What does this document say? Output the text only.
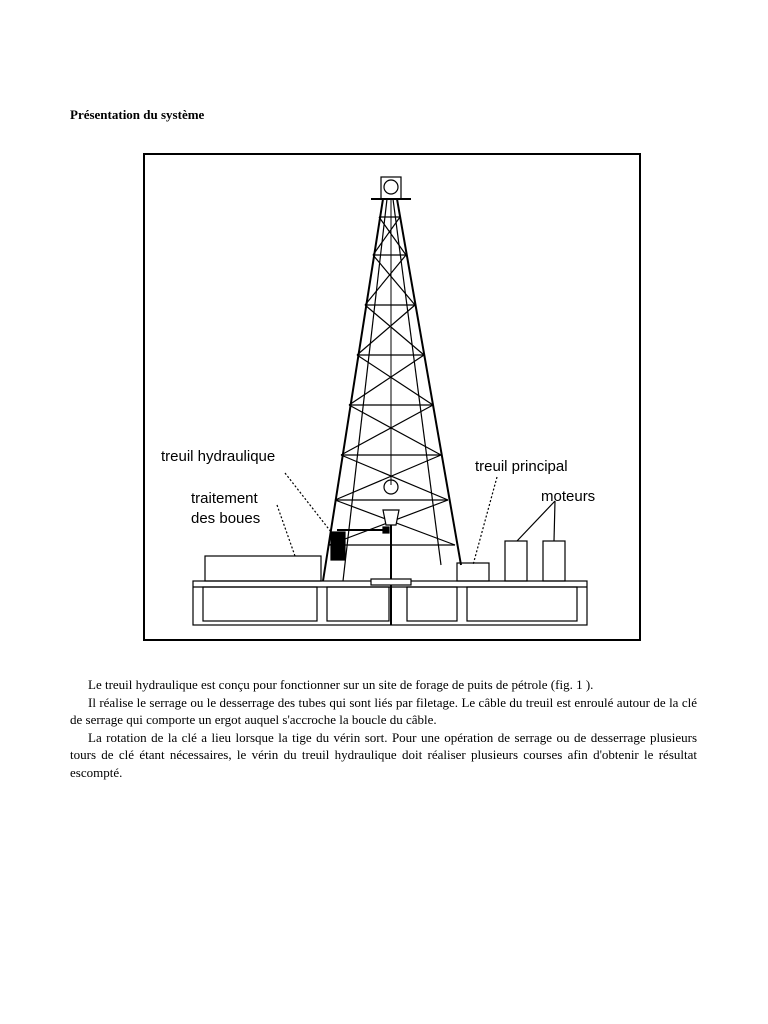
Présentation du système
treuil hydraulique
traitement
des boues
treuil principal
moteurs

Le treuil hydraulique est conçu pour fonctionner sur un site de forage de puits de pétrole (fig. 1 ).

Il réalise le serrage ou le desserrage des tubes qui sont liés par filetage. Le câble du treuil est enroulé autour de la clé de serrage qui comporte un ergot auquel s'accroche la boucle du câble.

La rotation de la clé a lieu lorsque la tige du vérin sort. Pour une opération de serrage ou de desserrage plusieurs tours de clé étant nécessaires, le vérin du treuil hydraulique doit réaliser plusieurs courses afin d'obtenir le résultat escompté.
